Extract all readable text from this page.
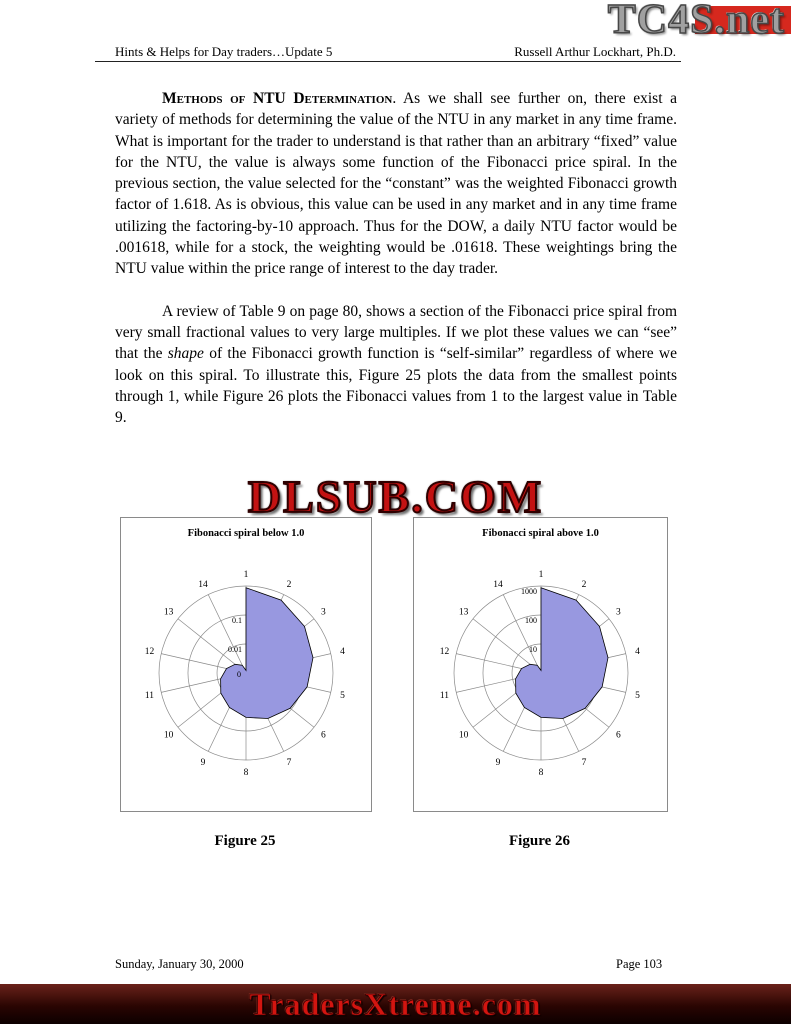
TC4S.net
Hints & Helps for Day traders…Update 5	Russell Arthur Lockhart, Ph.D.

Methods of NTU Determination. As we shall see further on, there exist a variety of methods for determining the value of the NTU in any market in any time frame. What is important for the trader to understand is that rather than an arbitrary “fixed” value for the NTU, the value is always some function of the Fibonacci price spiral. In the previous section, the value selected for the “constant” was the weighted Fibonacci growth factor of 1.618. As is obvious, this value can be used in any market and in any time frame utilizing the factoring-by-10 approach. Thus for the DOW, a daily NTU factor would be .001618, while for a stock, the weighting would be .01618. These weightings bring the NTU value within the price range of interest to the day trader.

A review of Table 9 on page 80, shows a section of the Fibonacci price spiral from very small fractional values to very large multiples. If we plot these values we can “see” that the shape of the Fibonacci growth function is “self-similar” regardless of where we look on this spiral. To illustrate this, Figure 25 plots the data from the smallest points through 1, while Figure 26 plots the Fibonacci values from 1 to the largest value in Table 9.

DLSUB.COM
Fibonacci spiral below 1.0
1
2
3
4
5
6
7
8
9
10
11
12
13
14
0.01
0.1
0
Fibonacci spiral above 1.0
1
2
3
4
5
6
7
8
9
10
11
12
13
14
10
100
1000
Figure 25	Figure 26
Sunday, January 30, 2000	Page 103
TradersXtreme.com
